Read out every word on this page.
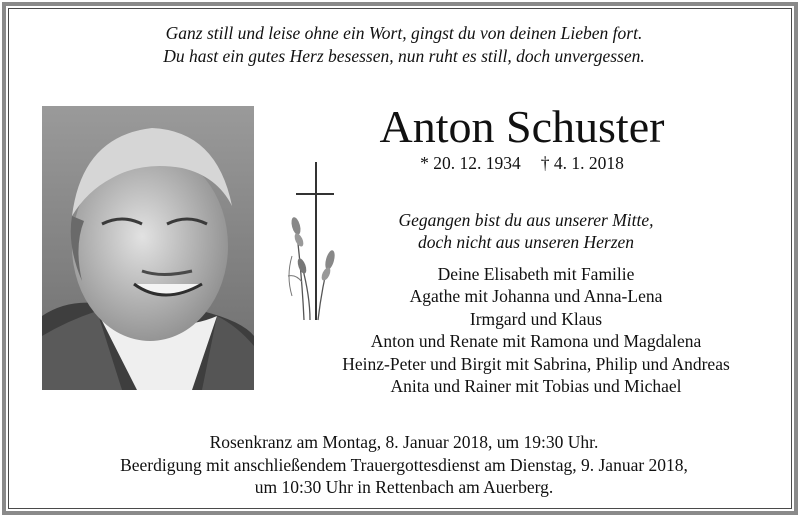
Ganz still und leise ohne ein Wort, gingst du von deinen Lieben fort.
Du hast ein gutes Herz besessen, nun ruht es still, doch unvergessen.
Anton Schuster
* 20. 12. 1934 † 4. 1. 2018
Gegangen bist du aus unserer Mitte,
doch nicht aus unseren Herzen
Deine Elisabeth mit Familie
Agathe mit Johanna und Anna-Lena
Irmgard und Klaus
Anton und Renate mit Ramona und Magdalena
Heinz-Peter und Birgit mit Sabrina, Philip und Andreas
Anita und Rainer mit Tobias und Michael
Rosenkranz am Montag, 8. Januar 2018, um 19:30 Uhr.
Beerdigung mit anschließendem Trauergottesdienst am Dienstag, 9. Januar 2018,
um 10:30 Uhr in Rettenbach am Auerberg.
